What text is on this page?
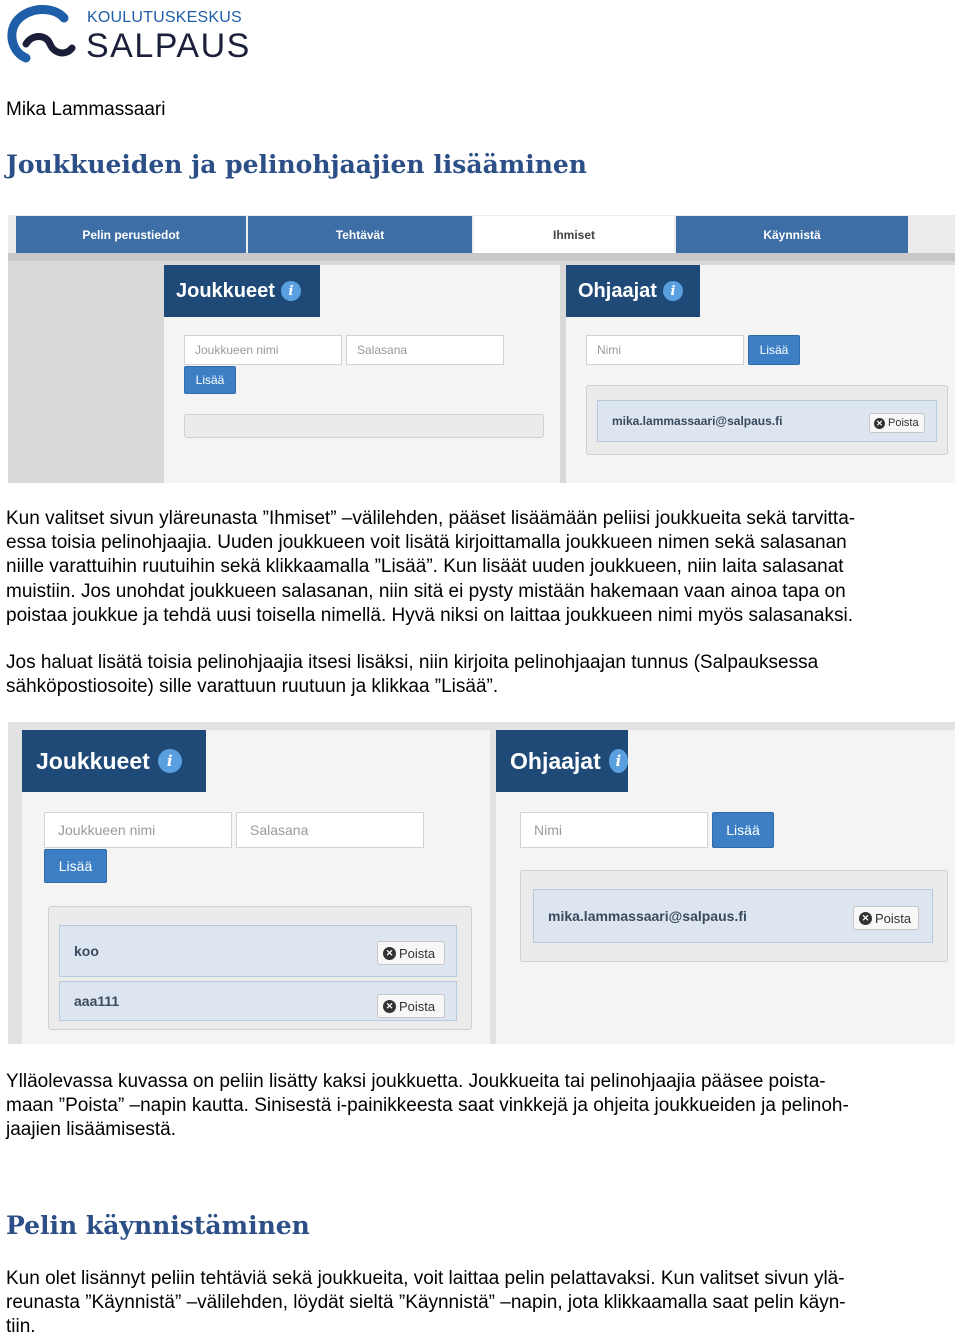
KOULUTUSKESKUS
SALPAUS
Mika Lammassaari
Joukkueiden ja pelinohjaajien lisääminen
Pelin perustiedot	Tehtävät	Ihmiset	Käynnistä
Joukkueet	i
Joukkueen nimi	Salasana
Lisää
Ohjaajat	i
Nimi	Lisää
mika.lammassaari@salpaus.fi	✕ Poista

Kun valitset sivun yläreunasta ”Ihmiset” –välilehden, pääset lisäämään peliisi joukkueita sekä tarvitta-
essa toisia pelinohjaajia. Uuden joukkueen voit lisätä kirjoittamalla joukkueen nimen sekä salasanan
niille varattuihin ruutuihin sekä klikkaamalla ”Lisää”. Kun lisäät uuden joukkueen, niin laita salasanat
muistiin. Jos unohdat joukkueen salasanan, niin sitä ei pysty mistään hakemaan vaan ainoa tapa on
poistaa joukkue ja tehdä uusi toisella nimellä. Hyvä niksi on laittaa joukkueen nimi myös salasanaksi.

Jos haluat lisätä toisia pelinohjaajia itsesi lisäksi, niin kirjoita pelinohjaajan tunnus (Salpauksessa
sähköpostiosoite) sille varattuun ruutuun ja klikkaa ”Lisää”.

Joukkueet	i
Joukkueen nimi	Salasana
Lisää
koo	✕ Poista
aaa111	✕ Poista
Ohjaajat i
Nimi	Lisää
mika.lammassaari@salpaus.fi	✕ Poista

Ylläolevassa kuvassa on peliin lisätty kaksi joukkuetta. Joukkueita tai pelinohjaajia pääsee poista-
maan ”Poista” –napin kautta. Sinisestä i-painikkeesta saat vinkkejä ja ohjeita joukkueiden ja pelinoh-
jaajien lisäämisestä.

Pelin käynnistäminen

Kun olet lisännyt peliin tehtäviä sekä joukkueita, voit laittaa pelin pelattavaksi. Kun valitset sivun ylä-
reunasta ”Käynnistä” –välilehden, löydät sieltä ”Käynnistä” –napin, jota klikkaamalla saat pelin käyn-
tiin.
